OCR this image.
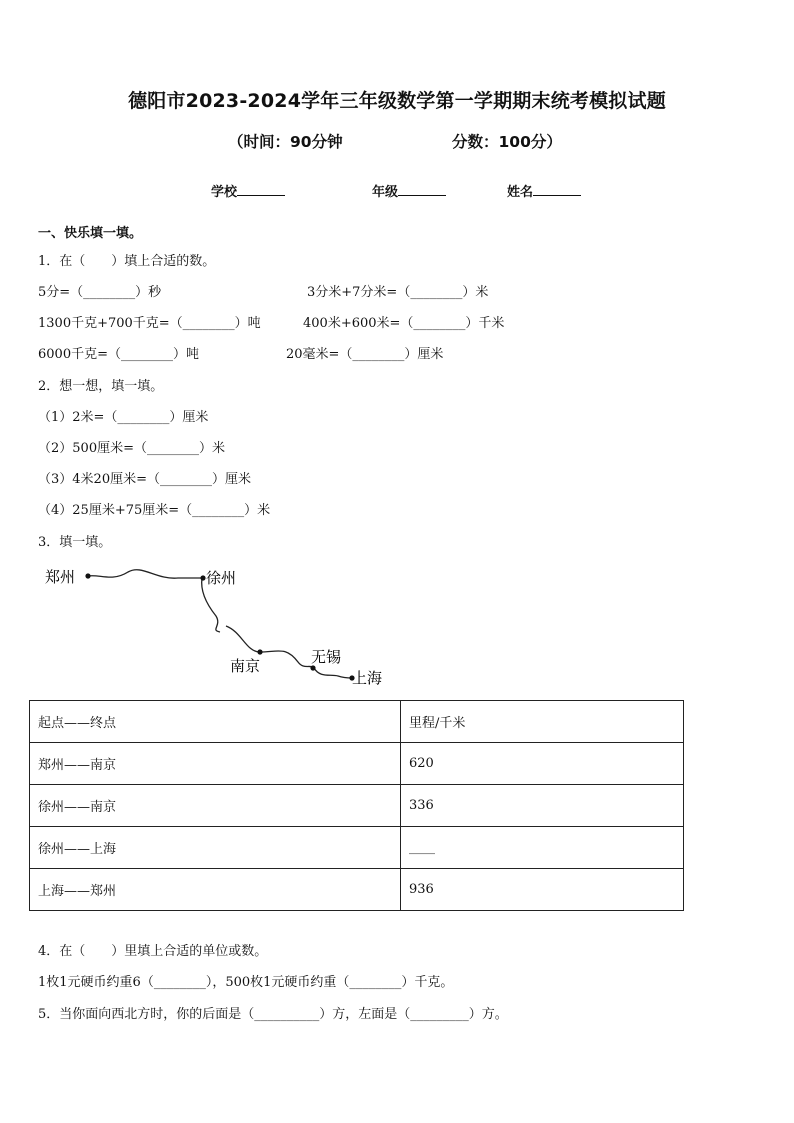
德阳市2023-2024学年三年级数学第一学期期末统考模拟试题
（时间：90分钟	分数：100分）
学校	年级	姓名
一、快乐填一填。
1．在（　　）填上合适的数。
5分=（________）秒	3分米+7分米=（________）米
1300千克+700千克=（________）吨	400米+600米=（________）千米
6000千克=（________）吨	20毫米=（________）厘米
2．想一想，填一填。
（1）2米=（________）厘米
（2）500厘米=（________）米
（3）4米20厘米=（________）厘米
（4）25厘米+75厘米=（________）米
3．填一填。
郑州	徐州
南京	无锡
上海
起点——终点	里程/千米
郑州——南京	620
徐州——南京	336
徐州——上海	____
上海——郑州	936
4．在（　　）里填上合适的单位或数。
1枚1元硬币约重6（________），500枚1元硬币约重（________）千克。
5．当你面向西北方时，你的后面是（__________）方，左面是（_________）方。
